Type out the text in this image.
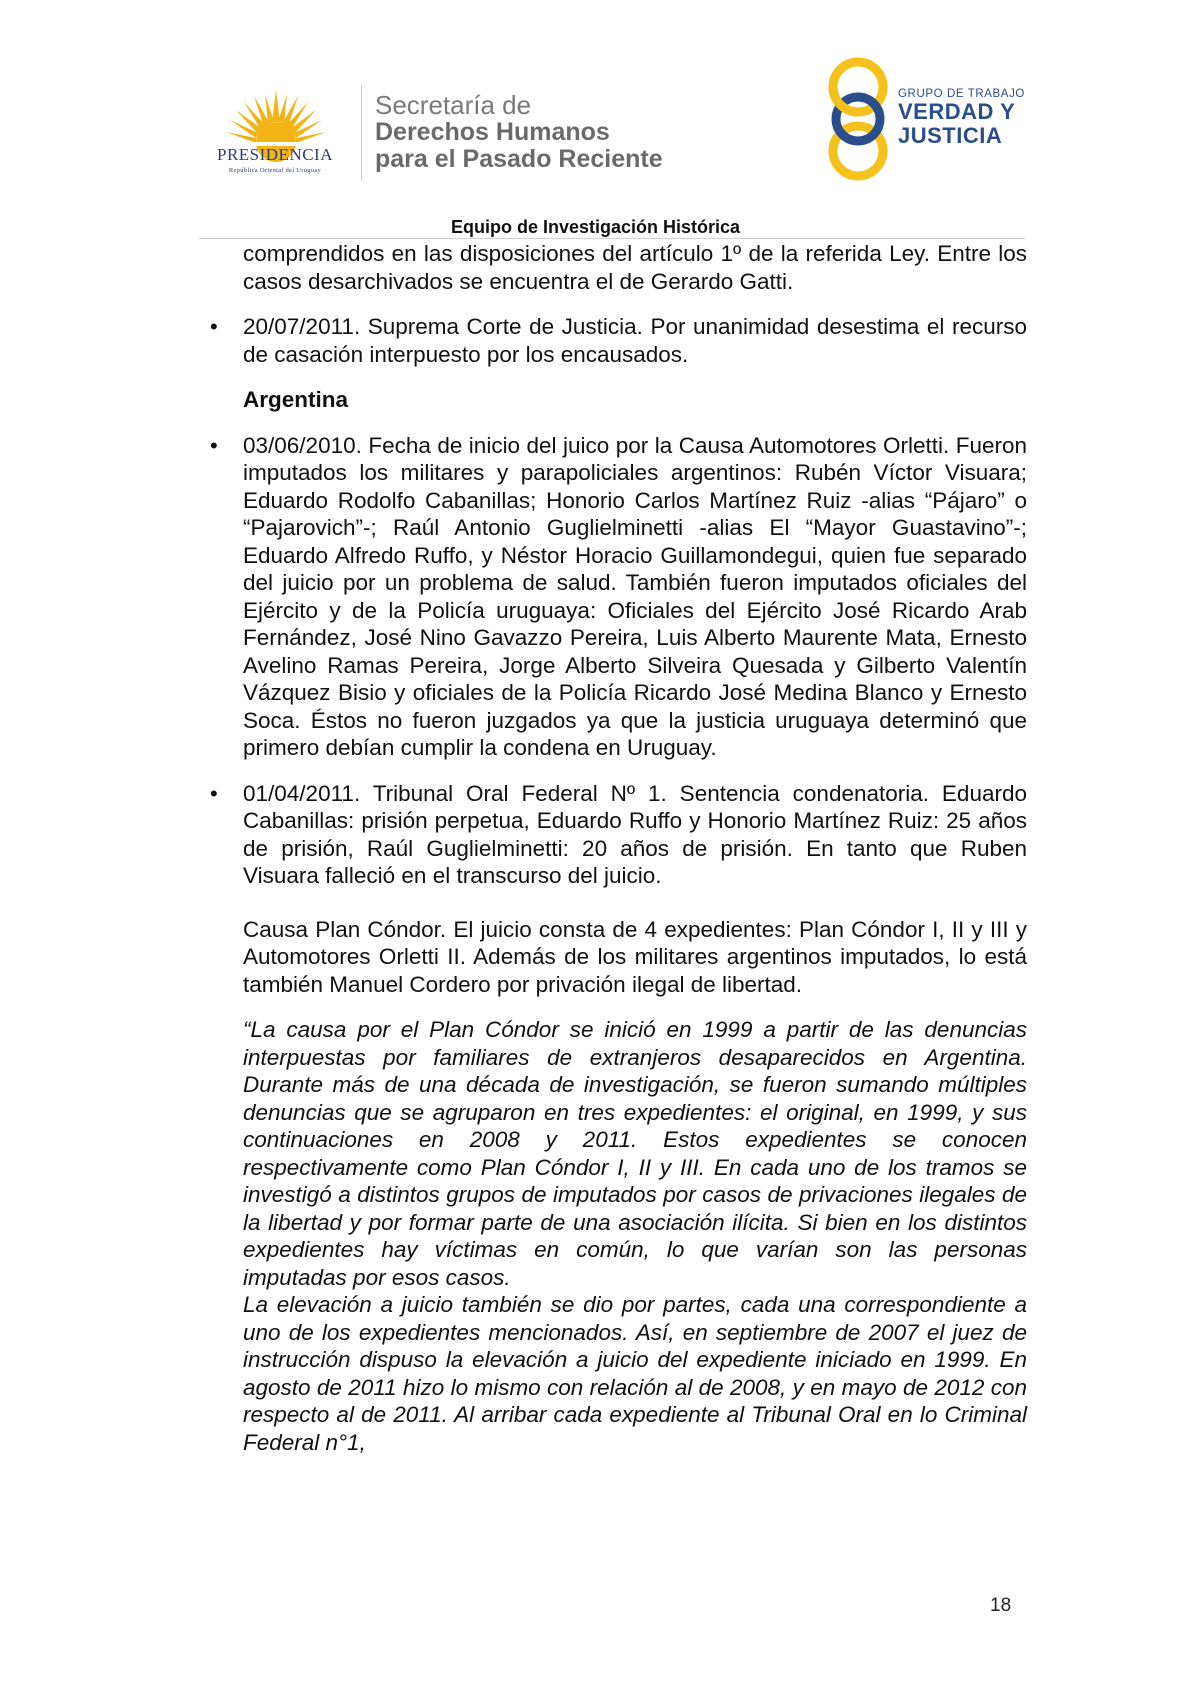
PRESIDENCIA
República Oriental del Uruguay
Secretaría de
Derechos Humanos
para el Pasado Reciente
GRUPO DE TRABAJO
VERDAD Y
JUSTICIA
Equipo de Investigación Histórica

comprendidos en las disposiciones del artículo 1º de la referida Ley. Entre los casos desarchivados se encuentra el de Gerardo Gatti.

• 20/07/2011. Suprema Corte de Justicia. Por unanimidad desestima el recurso de casación interpuesto por los encausados.
Argentina
• 03/06/2010. Fecha de inicio del juico por la Causa Automotores Orletti. Fueron imputados los militares y parapoliciales argentinos: Rubén Víctor Visuara; Eduardo Rodolfo Cabanillas; Honorio Carlos Martínez Ruiz -alias “Pájaro” o “Pajarovich”-; Raúl Antonio Guglielminetti -alias El “Mayor Guastavino”-; Eduardo Alfredo Ruffo, y Néstor Horacio Guillamondegui, quien fue separado del juicio por un problema de salud. También fueron imputados oficiales del Ejército y de la Policía uruguaya: Oficiales del Ejército José Ricardo Arab Fernández, José Nino Gavazzo Pereira, Luis Alberto Maurente Mata, Ernesto Avelino Ramas Pereira, Jorge Alberto Silveira Quesada y Gilberto Valentín Vázquez Bisio y oficiales de la Policía Ricardo José Medina Blanco y Ernesto Soca. Éstos no fueron juzgados ya que la justicia uruguaya determinó que primero debían cumplir la condena en Uruguay.
• 01/04/2011. Tribunal Oral Federal Nº 1. Sentencia condenatoria. Eduardo Cabanillas: prisión perpetua, Eduardo Ruffo y Honorio Martínez Ruiz: 25 años de prisión, Raúl Guglielminetti: 20 años de prisión. En tanto que Ruben Visuara falleció en el transcurso del juicio.

Causa Plan Cóndor. El juicio consta de 4 expedientes: Plan Cóndor I, II y III y Automotores Orletti II. Además de los militares argentinos imputados, lo está también Manuel Cordero por privación ilegal de libertad.

“La causa por el Plan Cóndor se inició en 1999 a partir de las denuncias interpuestas por familiares de extranjeros desaparecidos en Argentina. Durante más de una década de investigación, se fueron sumando múltiples denuncias que se agruparon en tres expedientes: el original, en 1999, y sus continuaciones en 2008 y 2011. Estos expedientes se conocen respectivamente como Plan Cóndor I, II y III. En cada uno de los tramos se investigó a distintos grupos de imputados por casos de privaciones ilegales de la libertad y por formar parte de una asociación ilícita. Si bien en los distintos expedientes hay víctimas en común, lo que varían son las personas imputadas por esos casos.

La elevación a juicio también se dio por partes, cada una correspondiente a uno de los expedientes mencionados. Así, en septiembre de 2007 el juez de instrucción dispuso la elevación a juicio del expediente iniciado en 1999. En agosto de 2011 hizo lo mismo con relación al de 2008, y en mayo de 2012 con respecto al de 2011. Al arribar cada expediente al Tribunal Oral en lo Criminal Federal n°1,

18
